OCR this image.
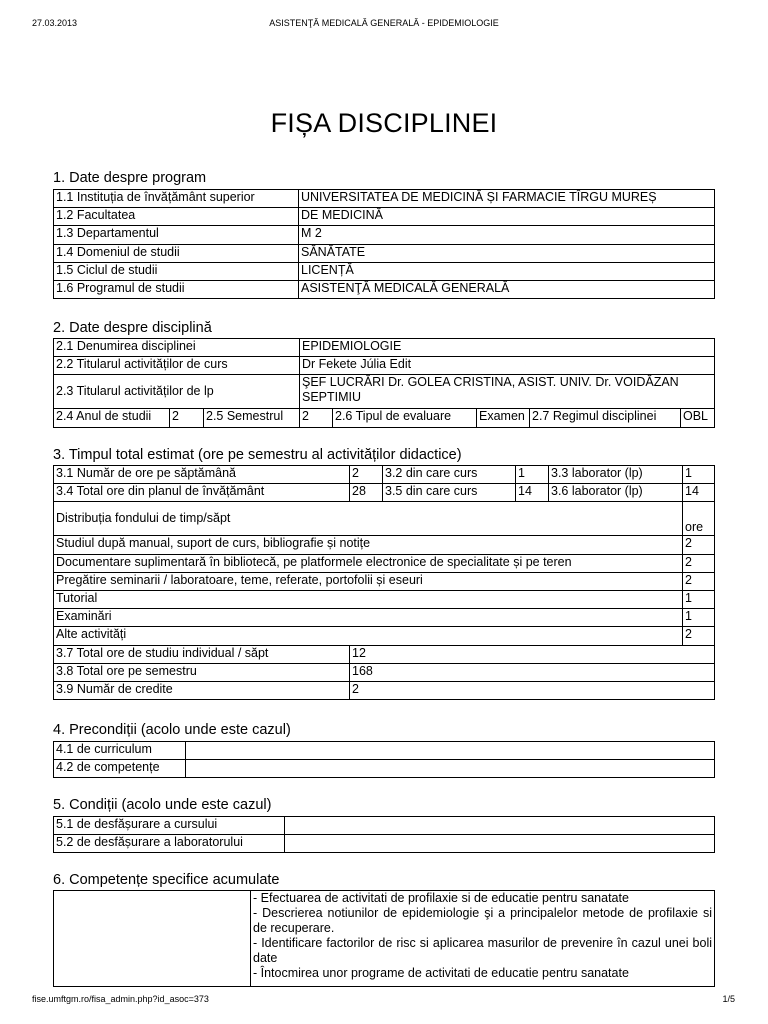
27.03.2013	ASISTENŢĂ MEDICALĂ GENERALĂ - EPIDEMIOLOGIE
FIȘA DISCIPLINEI
1. Date despre program
1.1 Instituția de învățământ superior	UNIVERSITATEA DE MEDICINĂ ȘI FARMACIE TÎRGU MUREȘ
1.2 Facultatea	DE MEDICINĂ
1.3 Departamentul	M 2
1.4 Domeniul de studii	SĂNĂTATE
1.5 Ciclul de studii	LICENȚĂ
1.6 Programul de studii	ASISTENŢĂ MEDICALĂ GENERALĂ
2. Date despre disciplină
2.1 Denumirea disciplinei			EPIDEMIOLOGIE				
2.2 Titularul activităților de curs			Dr Fekete Júlia Edit				
2.3 Titularul activităților de lp			ŞEF LUCRĂRI Dr. GOLEA CRISTINA, ASIST. UNIV. Dr. VOIDĂZAN SEPTIMIU				
2.4 Anul de studii	2	2.5 Semestrul	2	2.6 Tipul de evaluare	Examen	2.7 Regimul disciplinei	OBL
3. Timpul total estimat (ore pe semestru al activităților didactice)
3.1 Număr de ore pe săptămână	2	3.2 din care curs	1	3.3 laborator (lp)	1
3.4 Total ore din planul de învățământ	28	3.5 din care curs	14	3.6 laborator (lp)	14
Distribuția fondului de timp/săpt					ore
Studiul după manual, suport de curs, bibliografie și notițe					2
Documentare suplimentară în bibliotecă, pe platformele electronice de specialitate și pe teren					2
Pregătire seminarii / laboratoare, teme, referate, portofolii și eseuri					2
Tutorial					1
Examinări					1
Alte activități					2
3.7 Total ore de studiu individual / săpt	12				
3.8 Total ore pe semestru	168				
3.9 Număr de credite	2				
4. Precondiții (acolo unde este cazul)
4.1 de curriculum	
4.2 de competențe	
5. Condiții (acolo unde este cazul)
5.1 de desfășurare a cursului	
5.2 de desfășurare a laboratorului	
6. Competențe specifice acumulate

- Efectuarea de activitati de profilaxie si de educatie pentru sanatate
- Descrierea notiunilor de epidemiologie şi a principalelor metode de profilaxie si de recuperare.
- Identificare factorilor de risc si aplicarea masurilor de prevenire în cazul unei boli date
- Întocmirea unor programe de activitati de educatie pentru sanatate
fise.umftgm.ro/fisa_admin.php?id_asoc=373	1/5
